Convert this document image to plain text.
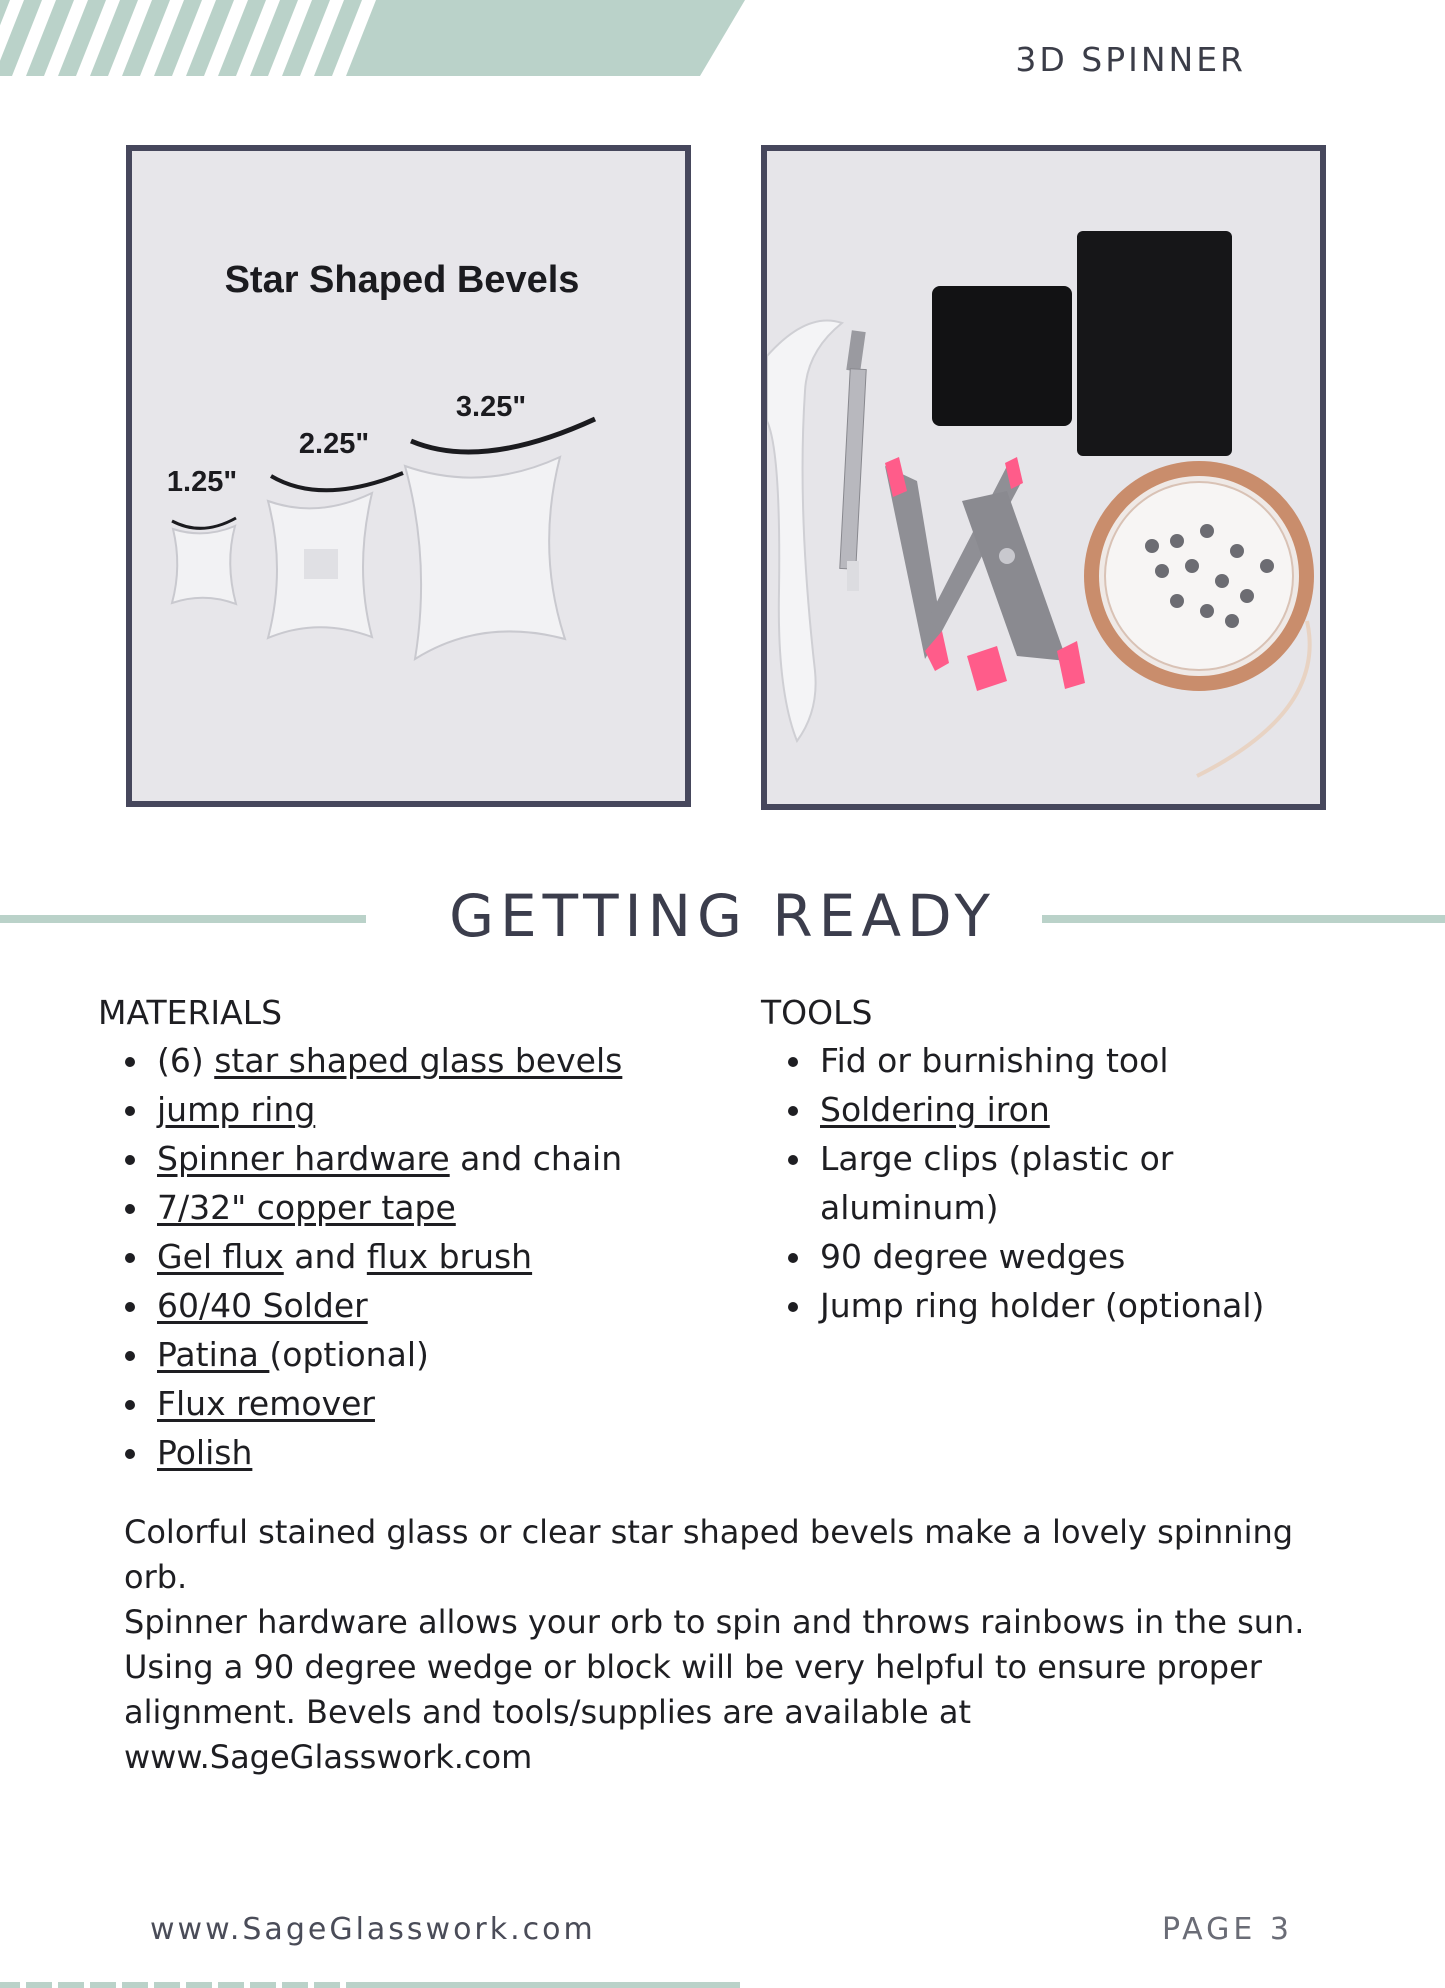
3D SPINNER
Star Shaped Bevels
1.25"
2.25"
3.25"
GETTING READY
MATERIALS
(6) star shaped glass bevels
jump ring
Spinner hardware and chain
7/32" copper tape
Gel flux and flux brush
60/40 Solder
Patina (optional)
Flux remover
Polish
TOOLS
Fid or burnishing tool
Soldering iron
Large clips (plastic or aluminum)
90 degree wedges
Jump ring holder (optional)

Colorful stained glass or clear star shaped bevels make a lovely spinning orb.
Spinner hardware allows your orb to spin and throws rainbows in the sun.

Using a 90 degree wedge or block will be very helpful to ensure proper
alignment. Bevels and tools/supplies are available at www.SageGlasswork.com

www.SageGlasswork.com	PAGE 3
